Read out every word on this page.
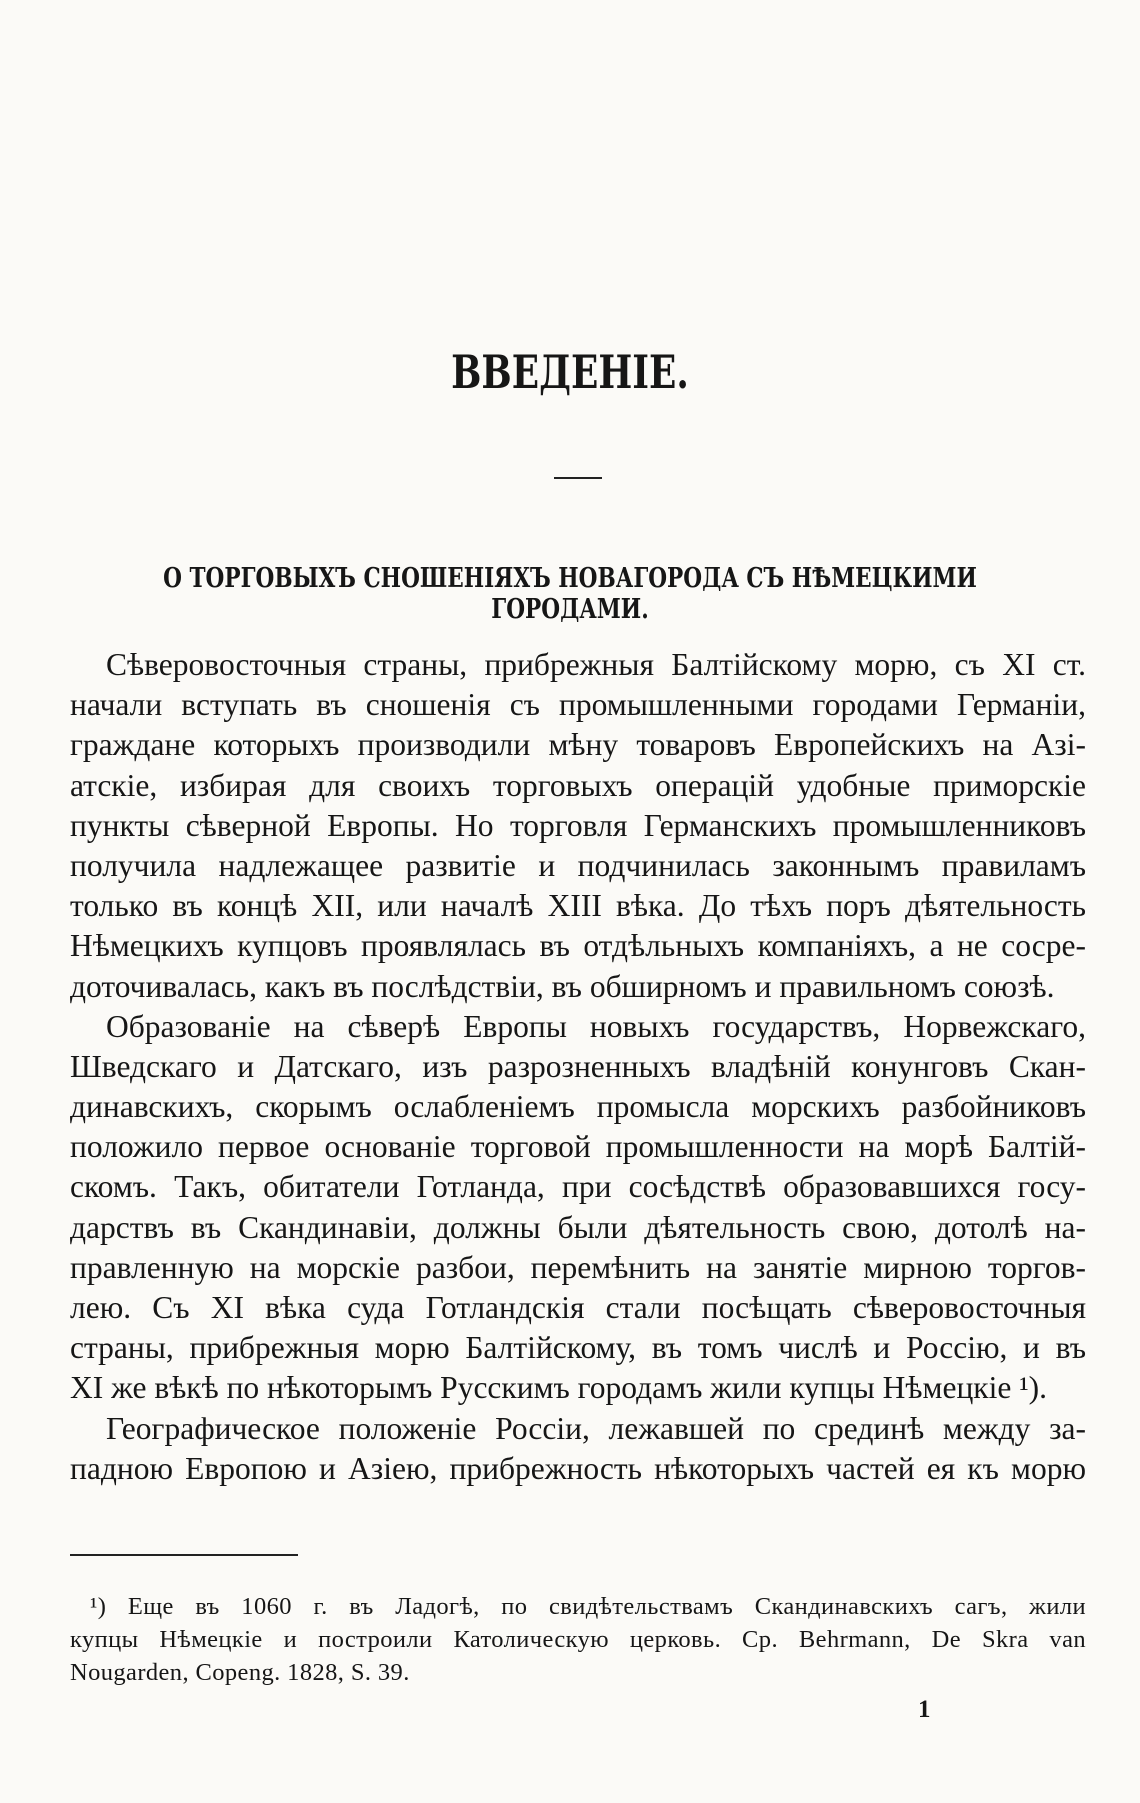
ВВЕДЕНІЕ.
О ТОРГОВЫХЪ СНОШЕНІЯХЪ НОВАГОРОДА СЪ НѢМЕЦКИМИ ГОРОДАМИ.
Сѣверовосточныя страны, прибрежныя Балтійскому морю, съ XI ст.
начали вступать въ сношенія съ промышленными городами Германіи,
граждане которыхъ производили мѣну товаровъ Европейскихъ на Азі-
атскіе, избирая для своихъ торговыхъ операцій удобные приморскіе
пункты сѣверной Европы. Но торговля Германскихъ промышленниковъ
получила надлежащее развитіе и подчинилась законнымъ правиламъ
только въ концѣ XII, или началѣ XIII вѣка. До тѣхъ поръ дѣятельность
Нѣмецкихъ купцовъ проявлялась въ отдѣльныхъ компаніяхъ, а не сосре-
доточивалась, какъ въ послѣдствіи, въ обширномъ и правильномъ союзѣ.
Образованіе на сѣверѣ Европы новыхъ государствъ, Норвежскаго,
Шведскаго и Датскаго, изъ разрозненныхъ владѣній конунговъ Скан-
динавскихъ, скорымъ ослабленіемъ промысла морскихъ разбойниковъ
положило первое основаніе торговой промышленности на морѣ Балтій-
скомъ. Такъ, обитатели Готланда, при сосѣдствѣ образовавшихся госу-
дарствъ въ Скандинавіи, должны были дѣятельность свою, дотолѣ на-
правленную на морскіе разбои, перемѣнить на занятіе мирною торгов-
лею. Съ XI вѣка суда Готландскія стали посѣщать сѣверовосточныя
страны, прибрежныя морю Балтійскому, въ томъ числѣ и Россію, и въ
XI же вѣкѣ по нѣкоторымъ Русскимъ городамъ жили купцы Нѣмецкіе ¹).
Географическое положеніе Россіи, лежавшей по срединѣ между за-
падною Европою и Азіею, прибрежность нѣкоторыхъ частей ея къ морю
¹) Еще въ 1060 г. въ Ладогѣ, по свидѣтельствамъ Скандинавскихъ сагъ, жили
купцы Нѣмецкіе и построили Католическую церковь. Ср. Behrmann, De Skra van
Nougarden, Copeng. 1828, S. 39.
1
